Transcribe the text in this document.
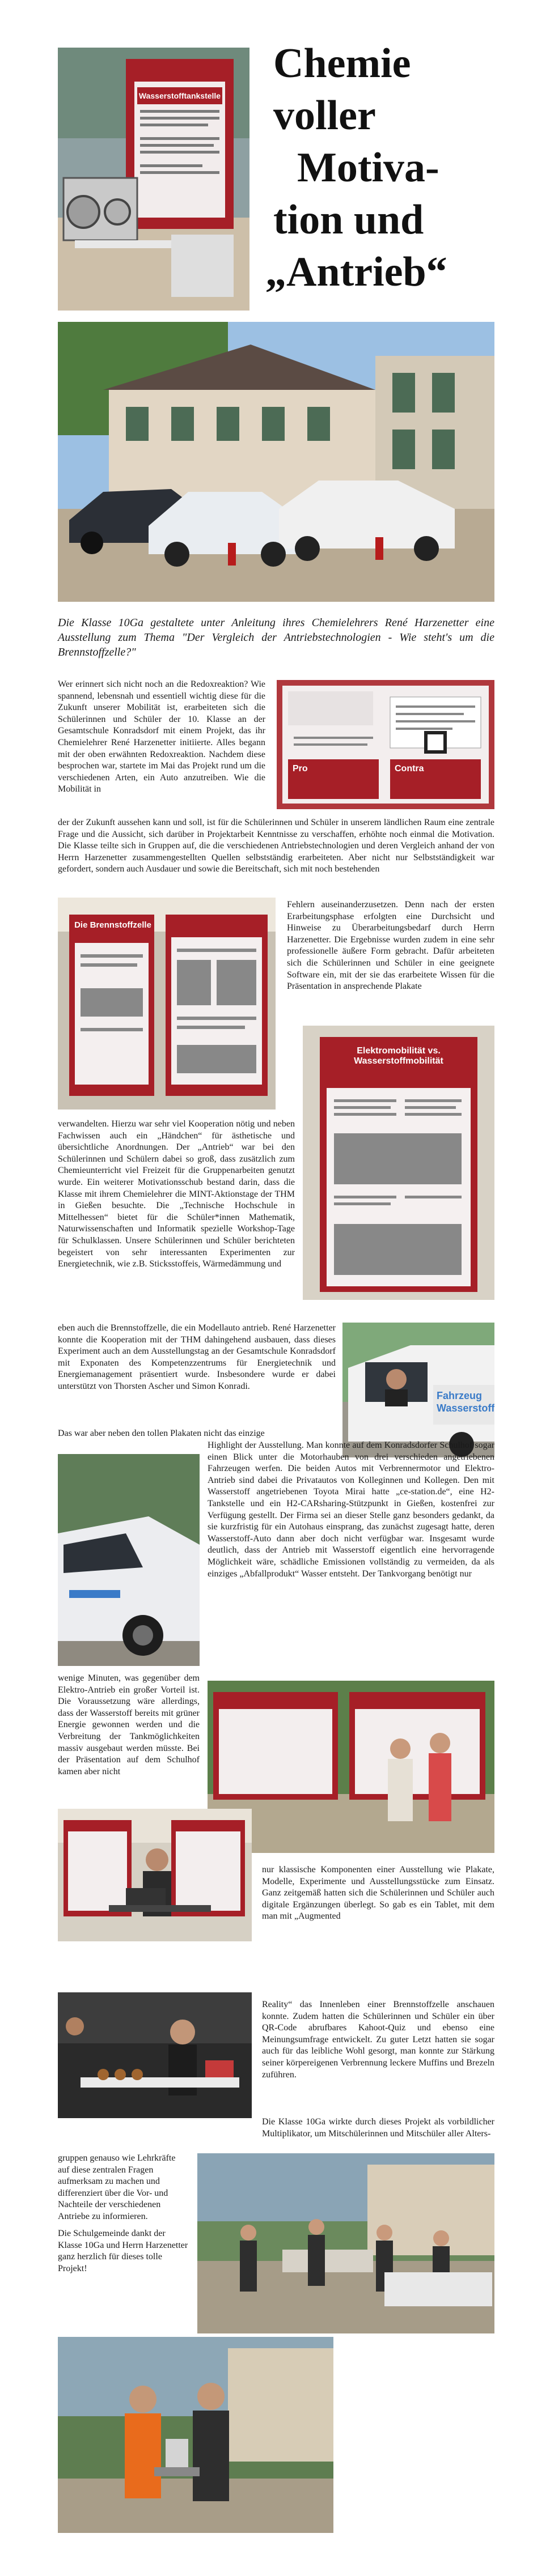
Wasserstofftankstelle
Chemie
voller
Motiva-
tion und
„Antrieb“

Die Klasse 10Ga gestaltete unter Anleitung ihres Chemielehrers René Harzenetter eine Ausstellung zum Thema "Der Vergleich der Antriebstechnologien - Wie steht's um die Brennstoffzelle?"

Wer erinnert sich nicht noch an die Redoxreaktion? Wie spannend, lebensnah und essentiell wichtig diese für die Zukunft unserer Mobilität ist, erarbeiteten sich die Schülerinnen und Schüler der 10. Klasse an der Gesamtschule Konradsdorf mit einem Projekt, das ihr Chemielehrer René Harzenetter initiierte. Alles begann mit der oben erwähnten Redoxreaktion. Nachdem diese besprochen war, startete im Mai das Projekt rund um die verschiedenen Arten, ein Auto anzutreiben. Wie die Mobilität in

Pro	Contra

der der Zukunft aussehen kann und soll, ist für die Schülerinnen und Schüler in unserem ländlichen Raum eine zentrale Frage und die Aussicht, sich darüber in Projektarbeit Kenntnisse zu verschaffen, erhöhte noch einmal die Motivation. Die Klasse teilte sich in Gruppen auf, die die verschiedenen Antriebstechnologien und deren Vergleich anhand der von Herrn Harzenetter zusammengestellten Quellen selbstständig erarbeiteten. Aber nicht nur Selbstständigkeit war gefordert, sondern auch Ausdauer und sowie die Bereitschaft, sich mit noch bestehenden

Die Brennstoffzelle

Fehlern auseinanderzusetzen. Denn nach der ersten Erarbeitungsphase erfolgten eine Durchsicht und Hinweise zu Überarbeitungsbedarf durch Herrn Harzenetter. Die Ergebnisse wurden zudem in eine sehr professionelle äußere Form gebracht. Dafür arbeiteten sich die Schülerinnen und Schüler in eine geeignete Software ein, mit der sie das erarbeitete Wissen für die Präsentation in ansprechende Plakate

Elektromobilität vs. Wasserstoffmobilität

verwandelten. Hierzu war sehr viel Kooperation nötig und neben Fachwissen auch ein „Händchen“ für ästhetische und übersichtliche Anordnungen. Der „Antrieb“ war bei den Schülerinnen und Schülern dabei so groß, dass zusätzlich zum Chemieunterricht viel Freizeit für die Gruppenarbeiten genutzt wurde. Ein weiterer Motivationsschub bestand darin, dass die Klasse mit ihrem Chemielehrer die MINT-Aktionstage der THM in Gießen besuchte. Die „Technische Hochschule in Mittelhessen“ bietet für die Schüler*innen Mathematik, Naturwissenschaften und Informatik spezielle Workshop-Tage für Schulklassen. Unsere Schülerinnen und Schüler berichteten begeistert von sehr interessanten Experimenten zur Energietechnik, wie z.B. Sticksstoffeis, Wärmedämmung und

eben auch die Brennstoffzelle, die ein Modellauto antrieb. René Harzenetter konnte die Kooperation mit der THM dahingehend ausbauen, dass dieses Experiment auch an dem Ausstellungstag an der Gesamtschule Konradsdorf mit Exponaten des Kompetenzzentrums für Energietechnik und Energiemanagement präsentiert wurde. Insbesondere wurde er dabei unterstützt von Thorsten Ascher und Simon Konradi.

Fahrzeug Wasserstoff

Das war aber neben den tollen Plakaten nicht das einzige

Highlight der Ausstellung. Man konnte auf dem Konradsdorfer Schulhof sogar einen Blick unter die Motorhauben von drei verschieden angetriebenen Fahrzeugen werfen. Die beiden Autos mit Verbrennermotor und Elektro-Antrieb sind dabei die Privatautos von Kolleginnen und Kollegen. Den mit Wasserstoff angetriebenen Toyota Mirai hatte „ce-station.de“, eine H2-Tankstelle und ein H2-CARsharing-Stützpunkt in Gießen, kostenfrei zur Verfügung gestellt. Der Firma sei an dieser Stelle ganz besonders gedankt, da sie kurzfristig für ein Autohaus einsprang, das zunächst zugesagt hatte, deren Wasserstoff-Auto dann aber doch nicht verfügbar war. Insgesamt wurde deutlich, dass der Antrieb mit Wasserstoff eigentlich eine hervorragende Möglichkeit wäre, schädliche Emissionen vollständig zu vermeiden, da als einziges „Abfallprodukt“ Wasser entsteht. Der Tankvorgang benötigt nur

wenige Minuten, was gegenüber dem Elektro-Antrieb ein großer Vorteil ist. Die Voraussetzung wäre allerdings, dass der Wasserstoff bereits mit grüner Energie gewonnen werden und die Verbreitung der Tankmöglichkeiten massiv ausgebaut werden müsste. Bei der Präsentation auf dem Schulhof kamen aber nicht

nur klassische Komponenten einer Ausstellung wie Plakate, Modelle, Experimente und Ausstellungsstücke zum Einsatz. Ganz zeitgemäß hatten sich die Schülerinnen und Schüler auch digitale Ergänzungen überlegt. So gab es ein Tablet, mit dem man mit „Augmented

Reality“ das Innenleben einer Brennstoffzelle anschauen konnte. Zudem hatten die Schülerinnen und Schüler ein über QR-Code abrufbares Kahoot-Quiz und ebenso eine Meinungsumfrage entwickelt. Zu guter Letzt hatten sie sogar auch für das leibliche Wohl gesorgt, man konnte zur Stärkung seiner körpereigenen Verbrennung leckere Muffins und Brezeln zuführen.

Die Klasse 10Ga wirkte durch dieses Projekt als vorbildlicher Multiplikator, um Mitschülerinnen und Mitschüler aller Alters-

gruppen genauso wie Lehrkräfte auf diese zentralen Fragen aufmerksam zu machen und differenziert über die Vor- und Nachteile der verschiedenen Antriebe zu informieren.

Die Schulgemeinde dankt der Klasse 10Ga und Herrn Harzenetter ganz herzlich für dieses tolle Projekt!
